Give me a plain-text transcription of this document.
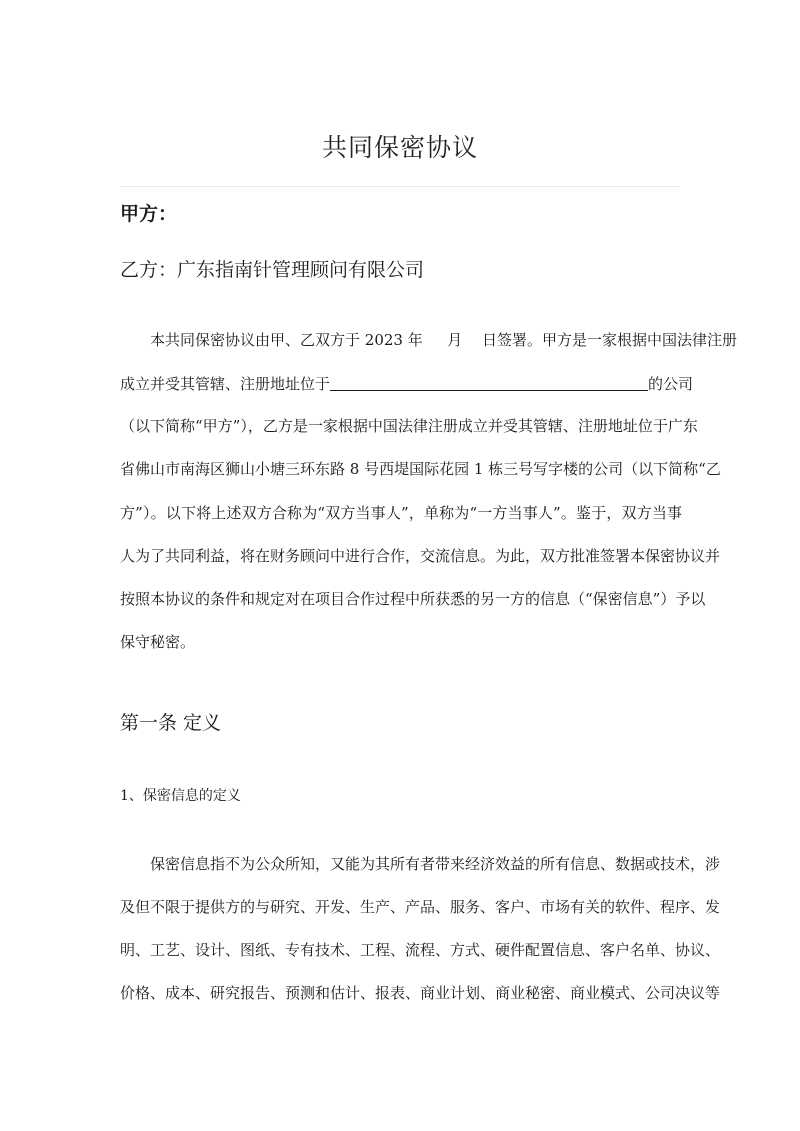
共同保密协议
甲方：
乙方：广东指南针管理顾问有限公司
本共同保密协议由甲、乙双方于 2023 年 　 月 　日签署。甲方是一家根据中国法律注册
成立并受其管辖、注册地址位于	的公司
（以下简称“甲方”），乙方是一家根据中国法律注册成立并受其管辖、注册地址位于广东
省佛山市南海区狮山小塘三环东路 8 号西堤国际花园 1 栋三号写字楼的公司（以下简称“乙
方”）。以下将上述双方合称为“双方当事人”，单称为“一方当事人”。鉴于，双方当事
人为了共同利益，将在财务顾问中进行合作，交流信息。为此，双方批准签署本保密协议并
按照本协议的条件和规定对在项目合作过程中所获悉的另一方的信息（“保密信息”）予以
保守秘密。
第一条 定义
1、保密信息的定义
保密信息指不为公众所知，又能为其所有者带来经济效益的所有信息、数据或技术，涉
及但不限于提供方的与研究、开发、生产、产品、服务、客户、市场有关的软件、程序、发
明、工艺、设计、图纸、专有技术、工程、流程、方式、硬件配置信息、客户名单、协议、
价格、成本、研究报告、预测和估计、报表、商业计划、商业秘密、商业模式、公司决议等
